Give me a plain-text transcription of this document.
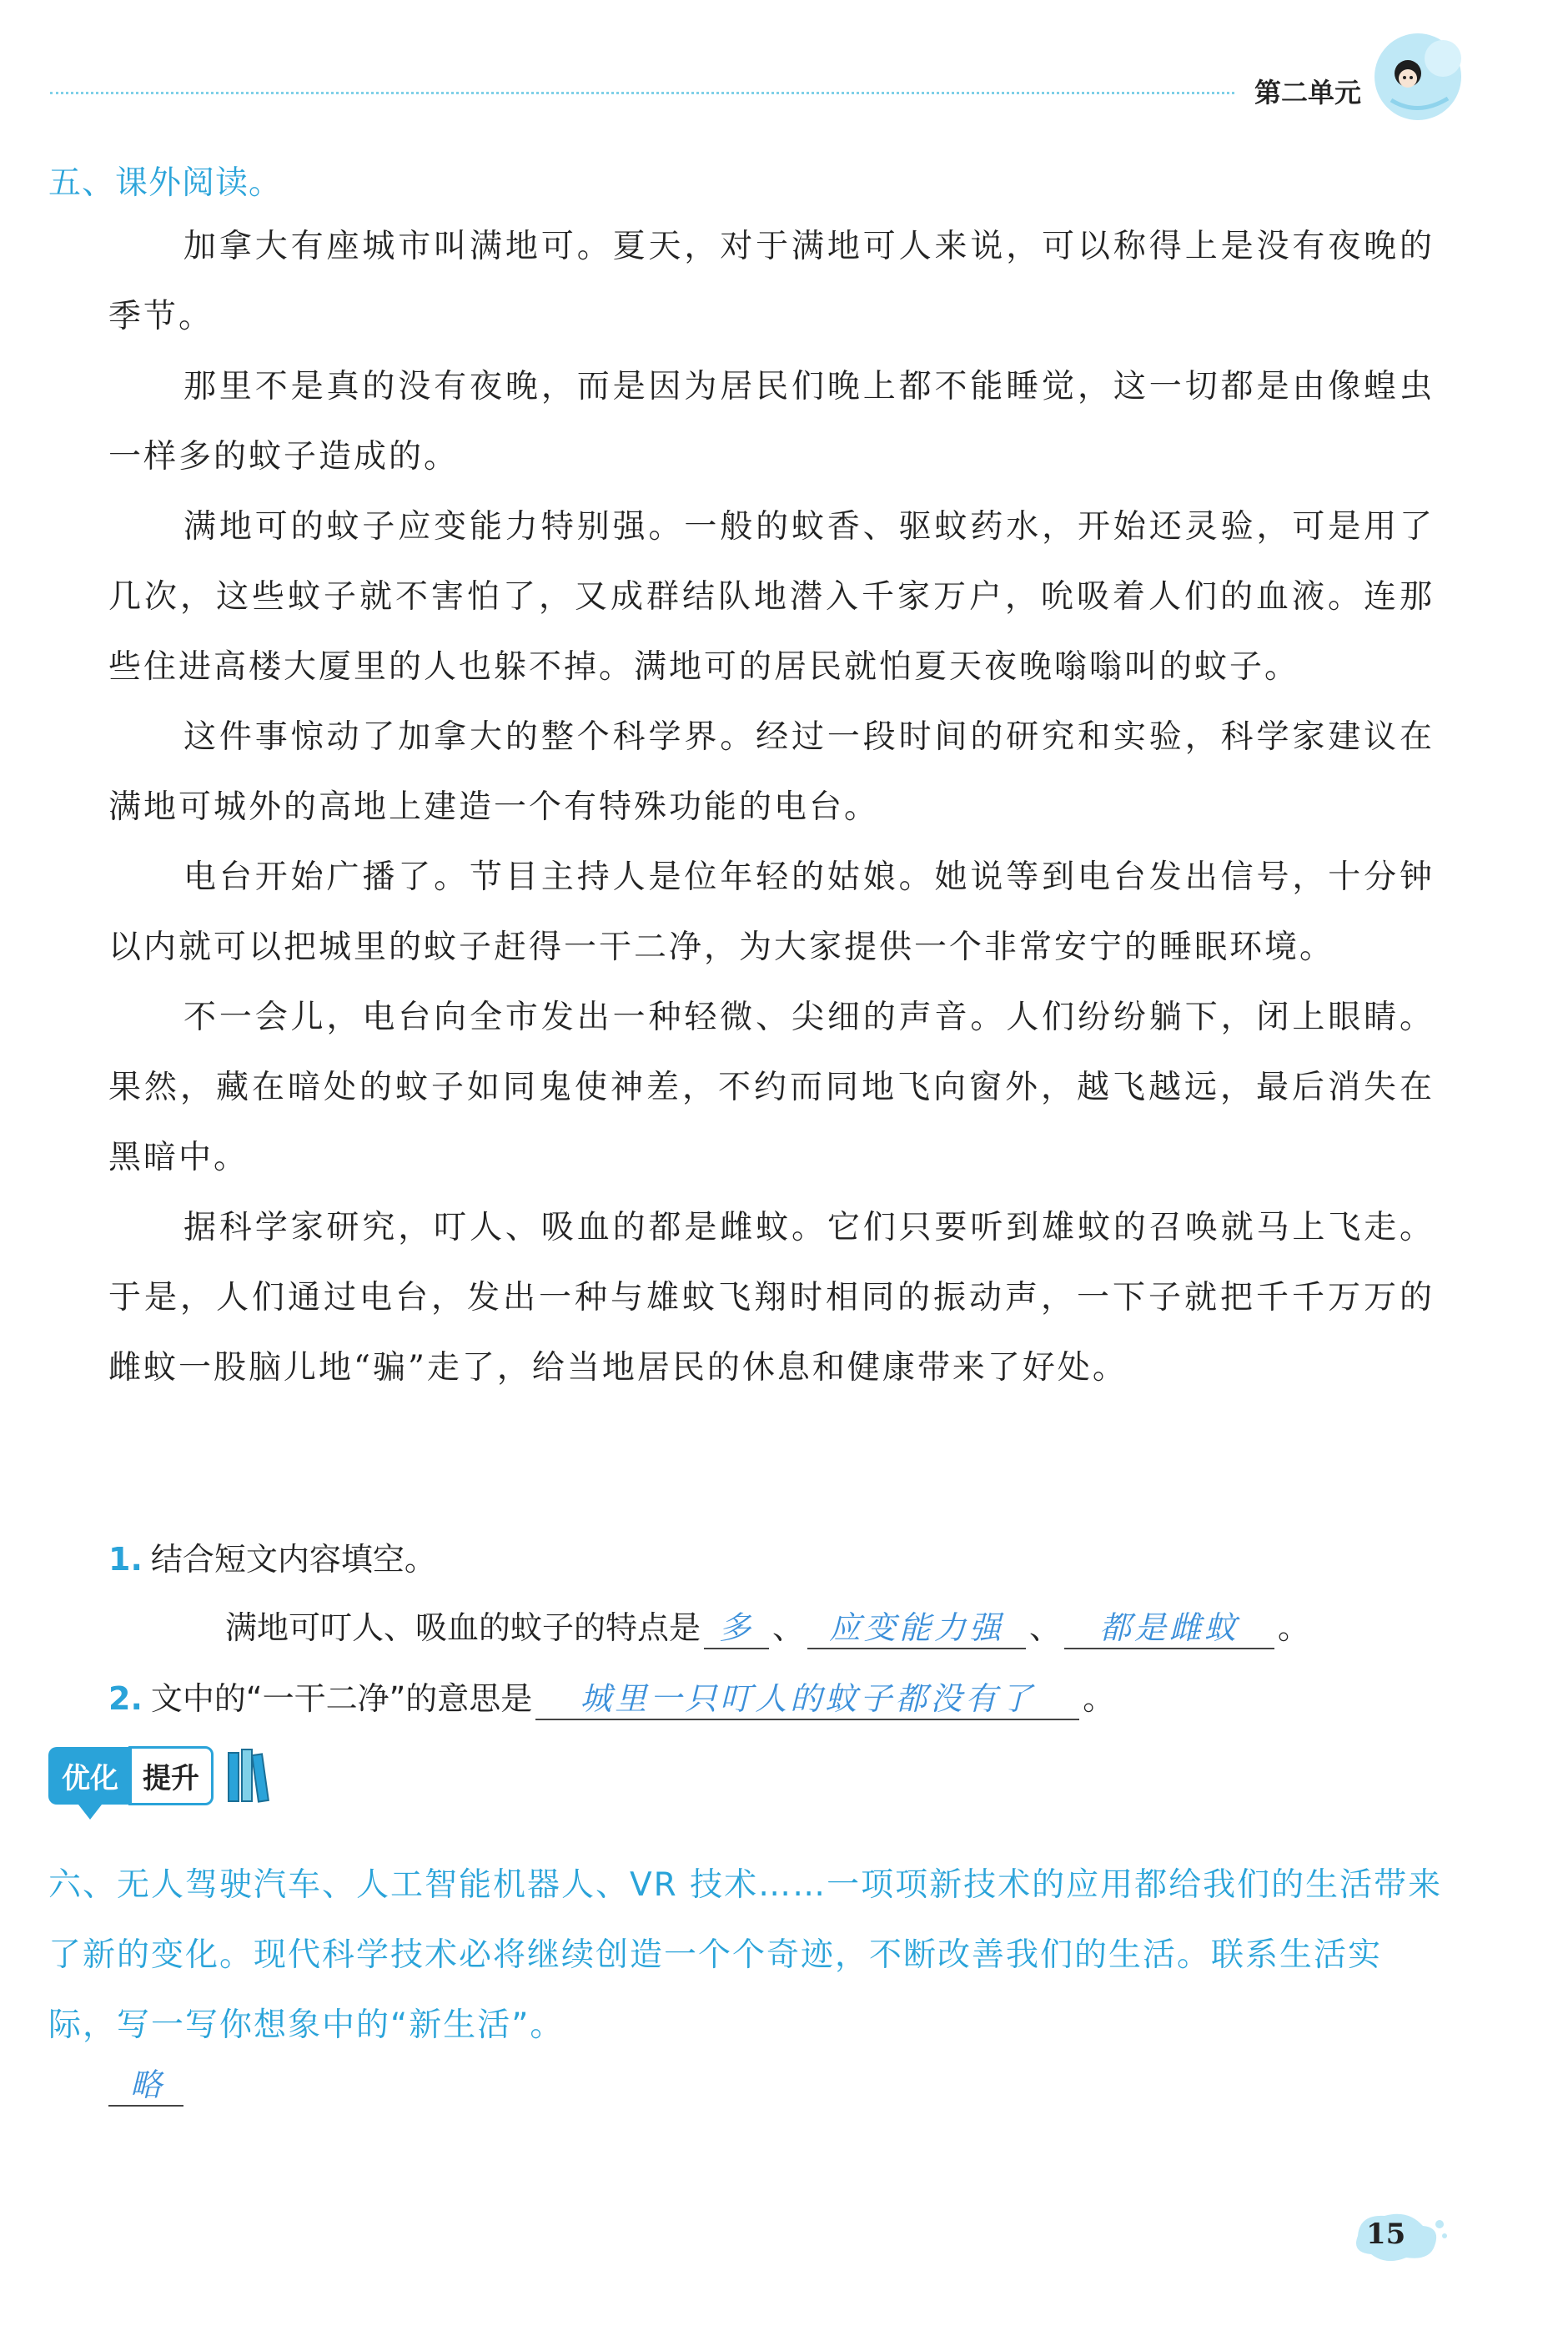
第二单元
五、课外阅读。

加拿大有座城市叫满地可。夏天，对于满地可人来说，可以称得上是没有夜晚的季节。

那里不是真的没有夜晚，而是因为居民们晚上都不能睡觉，这一切都是由像蝗虫一样多的蚊子造成的。

满地可的蚊子应变能力特别强。一般的蚊香、驱蚊药水，开始还灵验，可是用了几次，这些蚊子就不害怕了，又成群结队地潜入千家万户，吮吸着人们的血液。连那些住进高楼大厦里的人也躲不掉。满地可的居民就怕夏天夜晚嗡嗡叫的蚊子。

这件事惊动了加拿大的整个科学界。经过一段时间的研究和实验，科学家建议在满地可城外的高地上建造一个有特殊功能的电台。

电台开始广播了。节目主持人是位年轻的姑娘。她说等到电台发出信号，十分钟以内就可以把城里的蚊子赶得一干二净，为大家提供一个非常安宁的睡眠环境。

不一会儿，电台向全市发出一种轻微、尖细的声音。人们纷纷躺下，闭上眼睛。果然，藏在暗处的蚊子如同鬼使神差，不约而同地飞向窗外，越飞越远，最后消失在黑暗中。

据科学家研究，叮人、吸血的都是雌蚊。它们只要听到雄蚊的召唤就马上飞走。于是，人们通过电台，发出一种与雄蚊飞翔时相同的振动声，一下子就把千千万万的雌蚊一股脑儿地“骗”走了，给当地居民的休息和健康带来了好处。

1. 结合短文内容填空。
满地可叮人、吸血的蚊子的特点是 多 、 应变能力强 、 都是雌蚊 。
2. 文中的“一干二净”的意思是 城里一只叮人的蚊子都没有了 。
优化 提升
六、无人驾驶汽车、人工智能机器人、VR 技术……一项项新技术的应用都给我们的生活带来了新的变化。现代科学技术必将继续创造一个个奇迹，不断改善我们的生活。联系生活实际，写一写你想象中的“新生活”。
略
15
